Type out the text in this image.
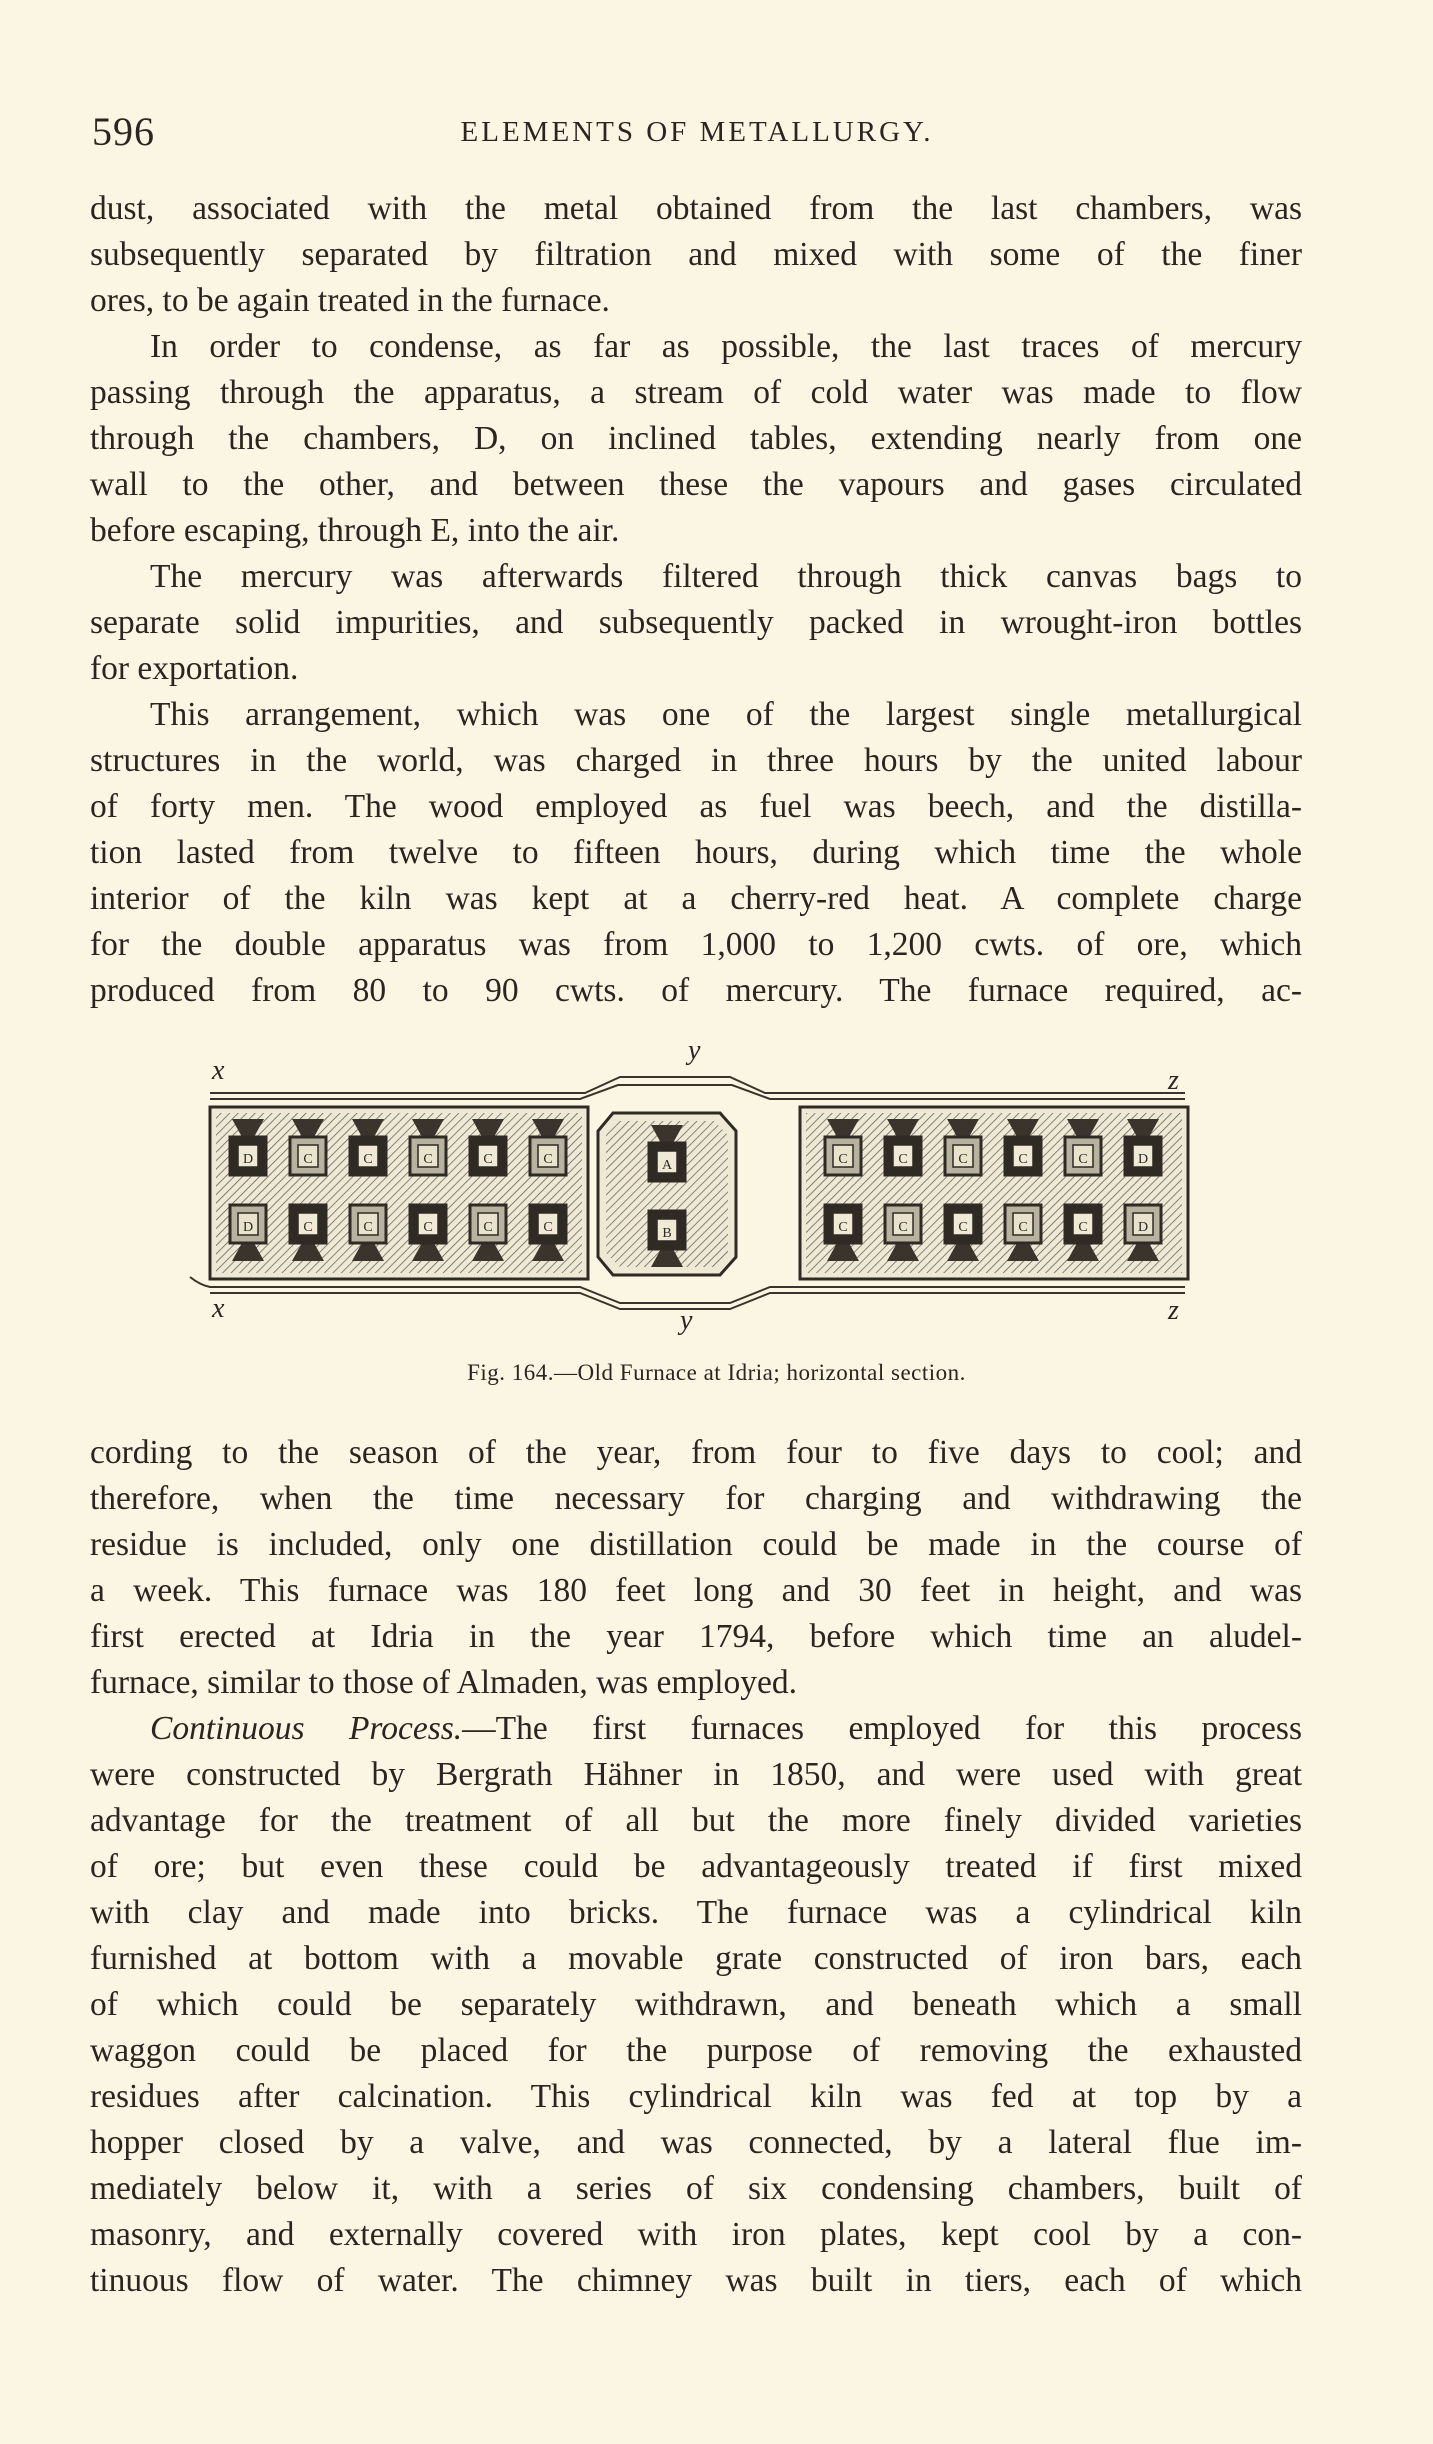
596	ELEMENTS OF METALLURGY.
dust, associated with the metal obtained from the last chambers, was
subsequently separated by filtration and mixed with some of the finer
ores, to be again treated in the furnace.
In order to condense, as far as possible, the last traces of mercury
passing through the apparatus, a stream of cold water was made to flow
through the chambers, D, on inclined tables, extending nearly from one
wall to the other, and between these the vapours and gases circulated
before escaping, through E, into the air.
The mercury was afterwards filtered through thick canvas bags to
separate solid impurities, and subsequently packed in wrought-iron bottles
for exportation.
This arrangement, which was one of the largest single metallurgical
structures in the world, was charged in three hours by the united labour
of forty men. The wood employed as fuel was beech, and the distilla-
tion lasted from twelve to fifteen hours, during which time the whole
interior of the kiln was kept at a cherry-red heat. A complete charge
for the double apparatus was from 1,000 to 1,200 cwts. of ore, which
produced from 80 to 90 cwts. of mercury. The furnace required, ac-
D	C	C	C	C	C
D	C	C	C	C	C
C	C	C	C	C	D
C	C	C	C	C	D
A
B
x
y
z
x	y	z
Fig. 164.—Old Furnace at Idria; horizontal section.
cording to the season of the year, from four to five days to cool; and
therefore, when the time necessary for charging and withdrawing the
residue is included, only one distillation could be made in the course of
a week. This furnace was 180 feet long and 30 feet in height, and was
first erected at Idria in the year 1794, before which time an aludel-
furnace, similar to those of Almaden, was employed.
Continuous Process.—The first furnaces employed for this process
were constructed by Bergrath Hähner in 1850, and were used with great
advantage for the treatment of all but the more finely divided varieties
of ore; but even these could be advantageously treated if first mixed
with clay and made into bricks. The furnace was a cylindrical kiln
furnished at bottom with a movable grate constructed of iron bars, each
of which could be separately withdrawn, and beneath which a small
waggon could be placed for the purpose of removing the exhausted
residues after calcination. This cylindrical kiln was fed at top by a
hopper closed by a valve, and was connected, by a lateral flue im-
mediately below it, with a series of six condensing chambers, built of
masonry, and externally covered with iron plates, kept cool by a con-
tinuous flow of water. The chimney was built in tiers, each of which
